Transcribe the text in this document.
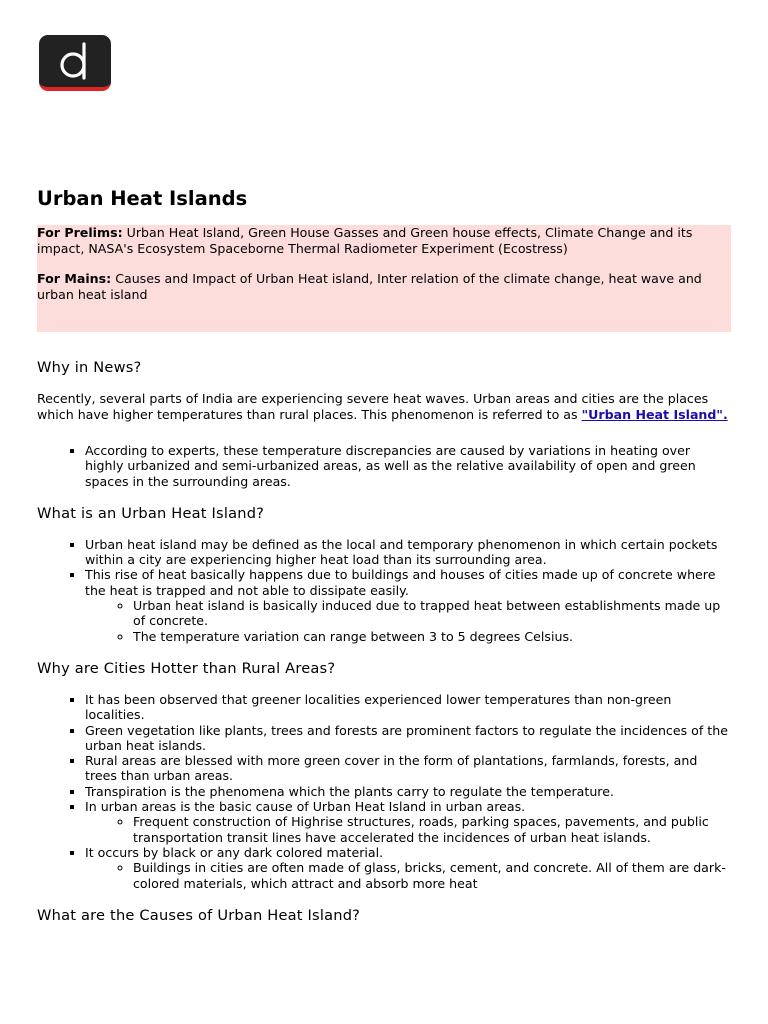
Urban Heat Islands

For Prelims: Urban Heat Island, Green House Gasses and Green house effects, Climate Change and its impact, NASA's Ecosystem Spaceborne Thermal Radiometer Experiment (Ecostress)

For Mains: Causes and Impact of Urban Heat island, Inter relation of the climate change, heat wave and urban heat island

Why in News?

Recently, several parts of India are experiencing severe heat waves. Urban areas and cities are the places which have higher temperatures than rural places. This phenomenon is referred to as "Urban Heat Island".

▪ According to experts, these temperature discrepancies are caused by variations in heating over highly urbanized and semi-urbanized areas, as well as the relative availability of open and green spaces in the surrounding areas.
What is an Urban Heat Island?
▪ Urban heat island may be defined as the local and temporary phenomenon in which certain pockets within a city are experiencing higher heat load than its surrounding area.
▪ This rise of heat basically happens due to buildings and houses of cities made up of concrete where the heat is trapped and not able to dissipate easily.
◦ Urban heat island is basically induced due to trapped heat between establishments made up of concrete.
◦ The temperature variation can range between 3 to 5 degrees Celsius.
Why are Cities Hotter than Rural Areas?
▪ It has been observed that greener localities experienced lower temperatures than non-green localities.
▪ Green vegetation like plants, trees and forests are prominent factors to regulate the incidences of the urban heat islands.
▪ Rural areas are blessed with more green cover in the form of plantations, farmlands, forests, and trees than urban areas.
▪ Transpiration is the phenomena which the plants carry to regulate the temperature.
▪ In urban areas is the basic cause of Urban Heat Island in urban areas.
◦ Frequent construction of Highrise structures, roads, parking spaces, pavements, and public transportation transit lines have accelerated the incidences of urban heat islands.
▪ It occurs by black or any dark colored material.
◦ Buildings in cities are often made of glass, bricks, cement, and concrete. All of them are dark-colored materials, which attract and absorb more heat
What are the Causes of Urban Heat Island?
